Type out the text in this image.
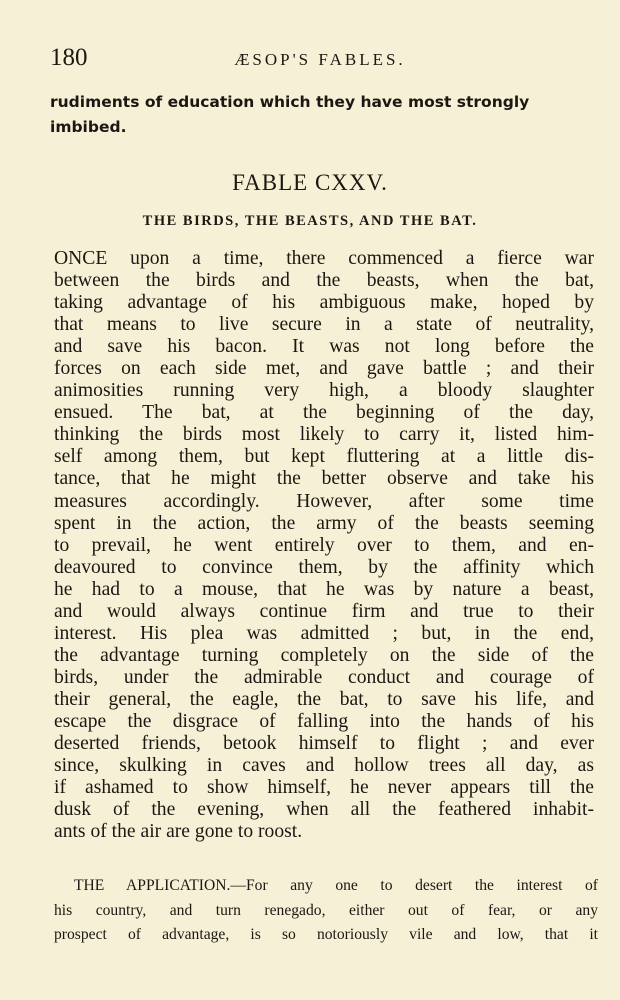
180	ÆSOP'S FABLES.
rudiments of education which they have most strongly
imbibed.
FABLE CXXV.
THE BIRDS, THE BEASTS, AND THE BAT.
ONCE upon a time, there commenced a fierce war
between the birds and the beasts, when the bat,
taking advantage of his ambiguous make, hoped by
that means to live secure in a state of neutrality,
and save his bacon. It was not long before the
forces on each side met, and gave battle ; and their
animosities running very high, a bloody slaughter
ensued. The bat, at the beginning of the day,
thinking the birds most likely to carry it, listed him-
self among them, but kept fluttering at a little dis-
tance, that he might the better observe and take his
measures accordingly. However, after some time
spent in the action, the army of the beasts seeming
to prevail, he went entirely over to them, and en-
deavoured to convince them, by the affinity which
he had to a mouse, that he was by nature a beast,
and would always continue firm and true to their
interest. His plea was admitted ; but, in the end,
the advantage turning completely on the side of the
birds, under the admirable conduct and courage of
their general, the eagle, the bat, to save his life, and
escape the disgrace of falling into the hands of his
deserted friends, betook himself to flight ; and ever
since, skulking in caves and hollow trees all day, as
if ashamed to show himself, he never appears till the
dusk of the evening, when all the feathered inhabit-
ants of the air are gone to roost.
THE APPLICATION.—For any one to desert the interest of
his country, and turn renegado, either out of fear, or any
prospect of advantage, is so notoriously vile and low, that it
